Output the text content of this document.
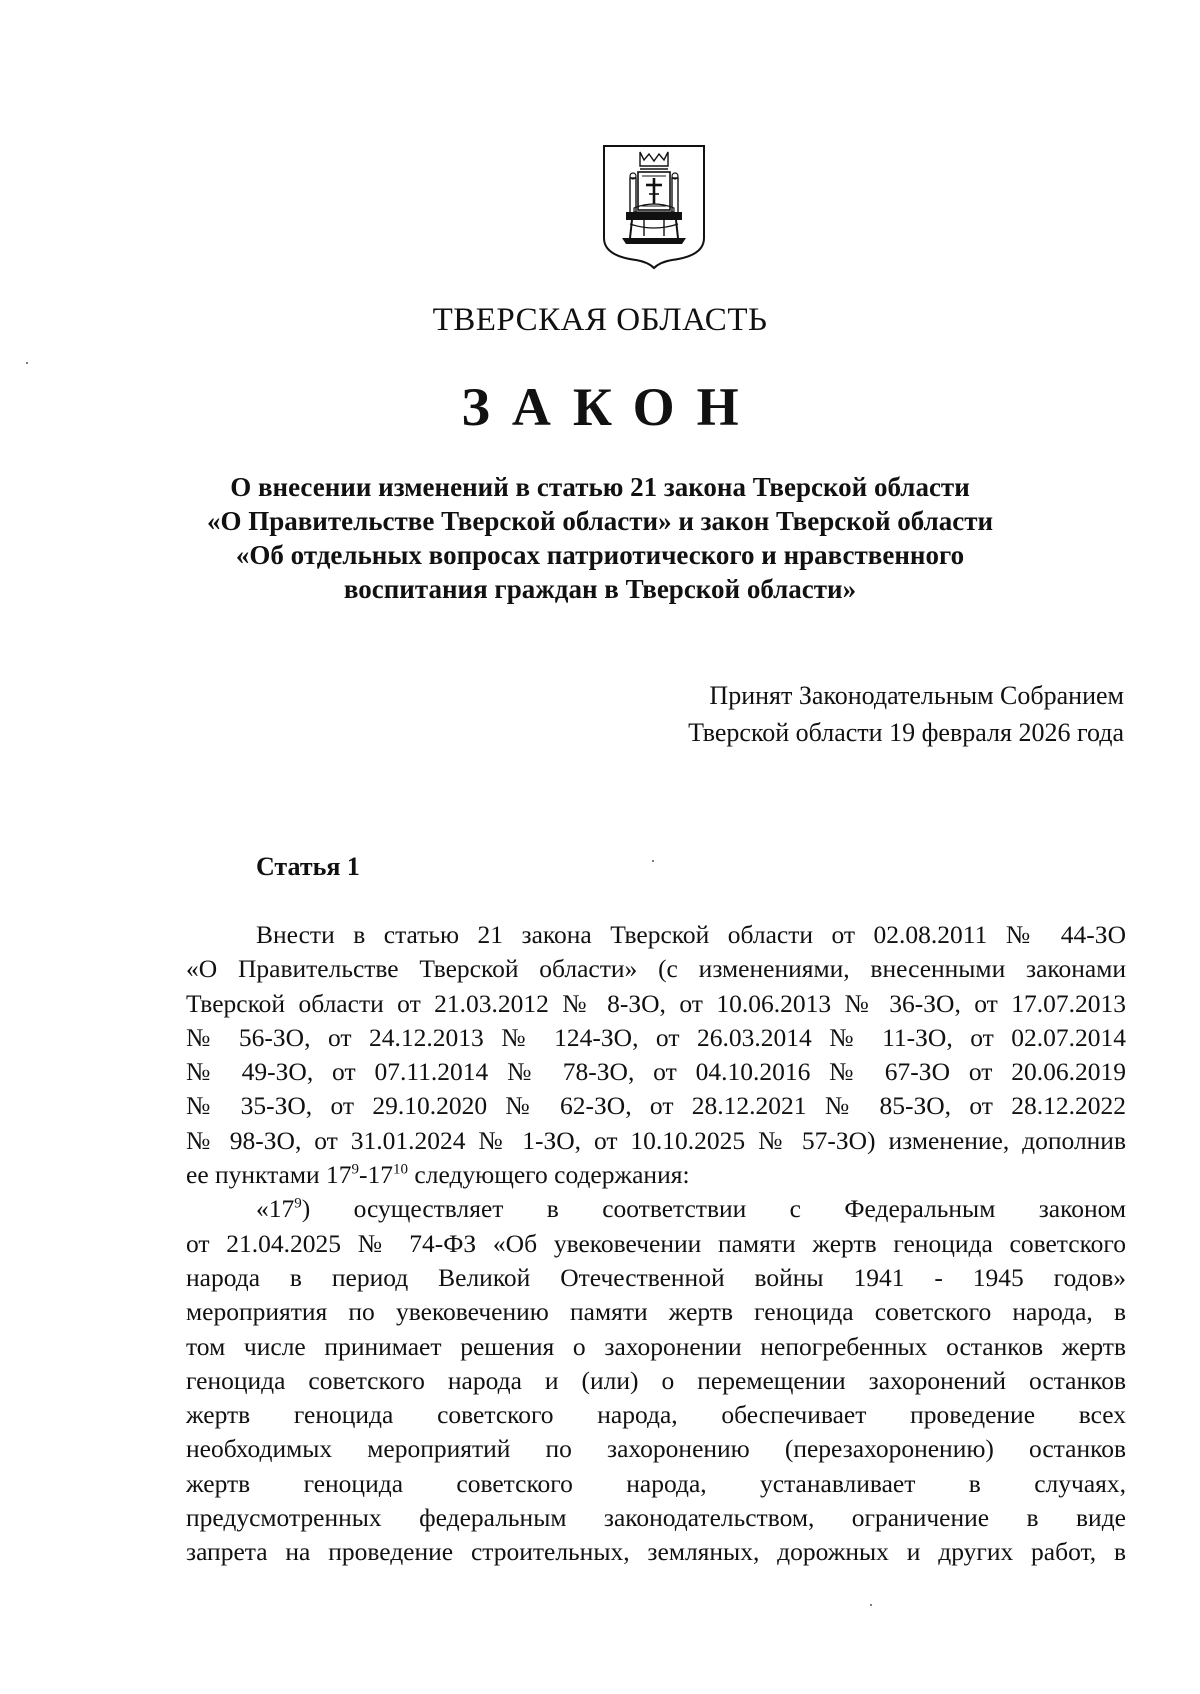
ТВЕРСКАЯ ОБЛАСТЬ
ЗАКОН
О внесении изменений в статью 21 закона Тверской области
«О Правительстве Тверской области» и закон Тверской области
«Об отдельных вопросах патриотического и нравственного
воспитания граждан в Тверской области»
Принят Законодательным Собранием
Тверской области 19 февраля 2026 года
Статья 1
Внести в статью 21 закона Тверской области от 02.08.2011 № 44-ЗО
«О Правительстве Тверской области» (с изменениями, внесенными законами
Тверской области от 21.03.2012 № 8-ЗО, от 10.06.2013 № 36-ЗО, от 17.07.2013
№ 56-ЗО, от 24.12.2013 № 124-ЗО, от 26.03.2014 № 11-ЗО, от 02.07.2014
№ 49-ЗО, от 07.11.2014 № 78-ЗО, от 04.10.2016 № 67-ЗО от 20.06.2019
№ 35-ЗО, от 29.10.2020 № 62-ЗО, от 28.12.2021 № 85-ЗО, от 28.12.2022
№ 98-ЗО, от 31.01.2024 № 1-ЗО, от 10.10.2025 № 57-ЗО) изменение, дополнив
ее пунктами $17^9-17^{10}$ следующего содержания:
«$17^9$) осуществляет в соответствии с Федеральным законом
от 21.04.2025 № 74-ФЗ «Об увековечении памяти жертв геноцида советского
народа в период Великой Отечественной войны 1941 - 1945 годов»
мероприятия по увековечению памяти жертв геноцида советского народа, в
том числе принимает решения о захоронении непогребенных останков жертв
геноцида советского народа и (или) о перемещении захоронений останков
жертв геноцида советского народа, обеспечивает проведение всех
необходимых мероприятий по захоронению (перезахоронению) останков
жертв геноцида советского народа, устанавливает в случаях,
предусмотренных федеральным законодательством, ограничение в виде
запрета на проведение строительных, земляных, дорожных и других работ, в
